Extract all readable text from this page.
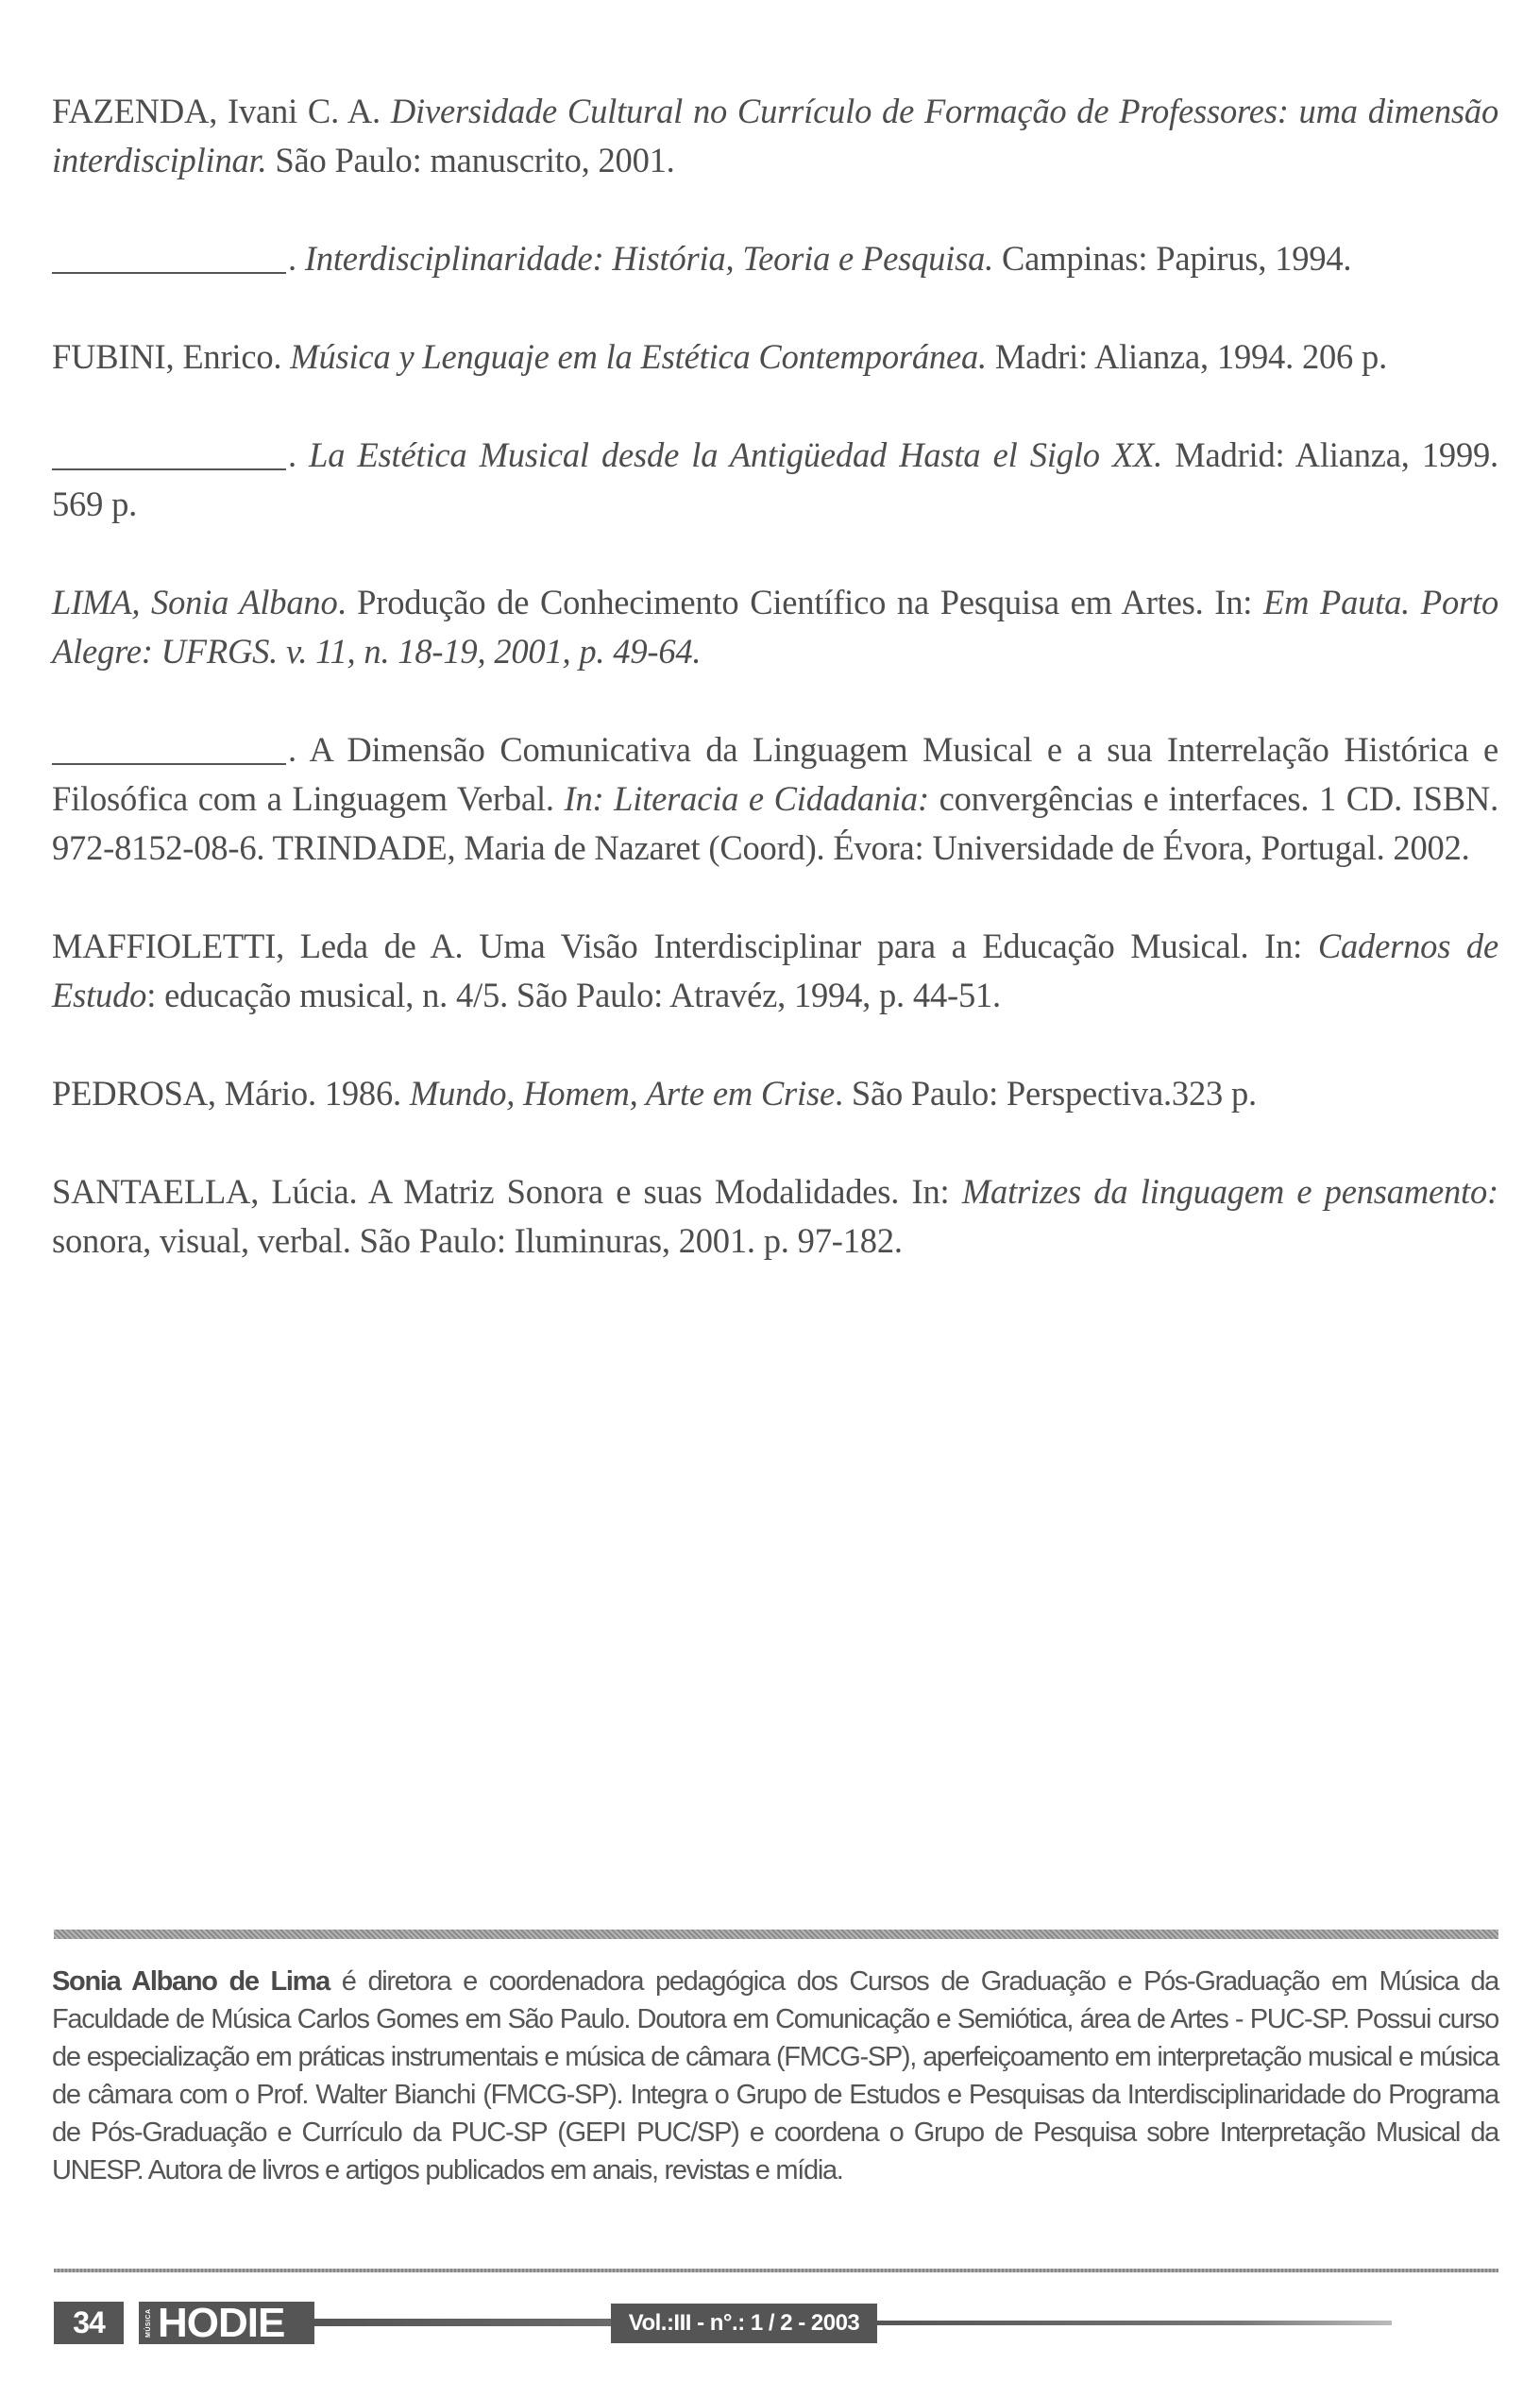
FAZENDA, Ivani C. A. Diversidade Cultural no Currículo de Formação de Professores: uma dimensão interdisciplinar. São Paulo: manuscrito, 2001.

. Interdisciplinaridade: História, Teoria e Pesquisa. Campinas: Papirus, 1994.

FUBINI, Enrico. Música y Lenguaje em la Estética Contemporánea. Madri: Alianza, 1994. 206 p.

. La Estética Musical desde la Antigüedad Hasta el Siglo XX. Madrid: Alianza, 1999. 569 p.

LIMA, Sonia Albano. Produção de Conhecimento Científico na Pesquisa em Artes. In: Em Pauta. Porto Alegre: UFRGS. v. 11, n. 18-19, 2001, p. 49-64.

. A Dimensão Comunicativa da Linguagem Musical e a sua Interrelação Histórica e Filosófica com a Linguagem Verbal. In: Literacia e Cidadania: convergências e interfaces. 1 CD. ISBN. 972-8152-08-6. TRINDADE, Maria de Nazaret (Coord). Évora: Universidade de Évora, Portugal. 2002.

MAFFIOLETTI, Leda de A. Uma Visão Interdisciplinar para a Educação Musical. In: Cadernos de Estudo: educação musical, n. 4/5. São Paulo: Atravéz, 1994, p. 44-51.

PEDROSA, Mário. 1986. Mundo, Homem, Arte em Crise. São Paulo: Perspectiva.323 p.

SANTAELLA, Lúcia. A Matriz Sonora e suas Modalidades. In: Matrizes da linguagem e pensamento: sonora, visual, verbal. São Paulo: Iluminuras, 2001. p. 97-182.

Sonia Albano de Lima é diretora e coordenadora pedagógica dos Cursos de Graduação e Pós-Graduação em Música da Faculdade de Música Carlos Gomes em São Paulo. Doutora em Comunicação e Semiótica, área de Artes - PUC-SP. Possui curso de especialização em práticas instrumentais e música de câmara (FMCG-SP), aperfeiçoamento em interpretação musical e música de câmara com o Prof. Walter Bianchi (FMCG-SP). Integra o Grupo de Estudos e Pesquisas da Interdisciplinaridade do Programa de Pós-Graduação e Currículo da PUC-SP (GEPI PUC/SP) e coordena o Grupo de Pesquisa sobre Interpretação Musical da UNESP. Autora de livros e artigos publicados em anais, revistas e mídia.
34	MÚSICA HODIE	Vol.:III - n°.: 1 / 2 - 2003
